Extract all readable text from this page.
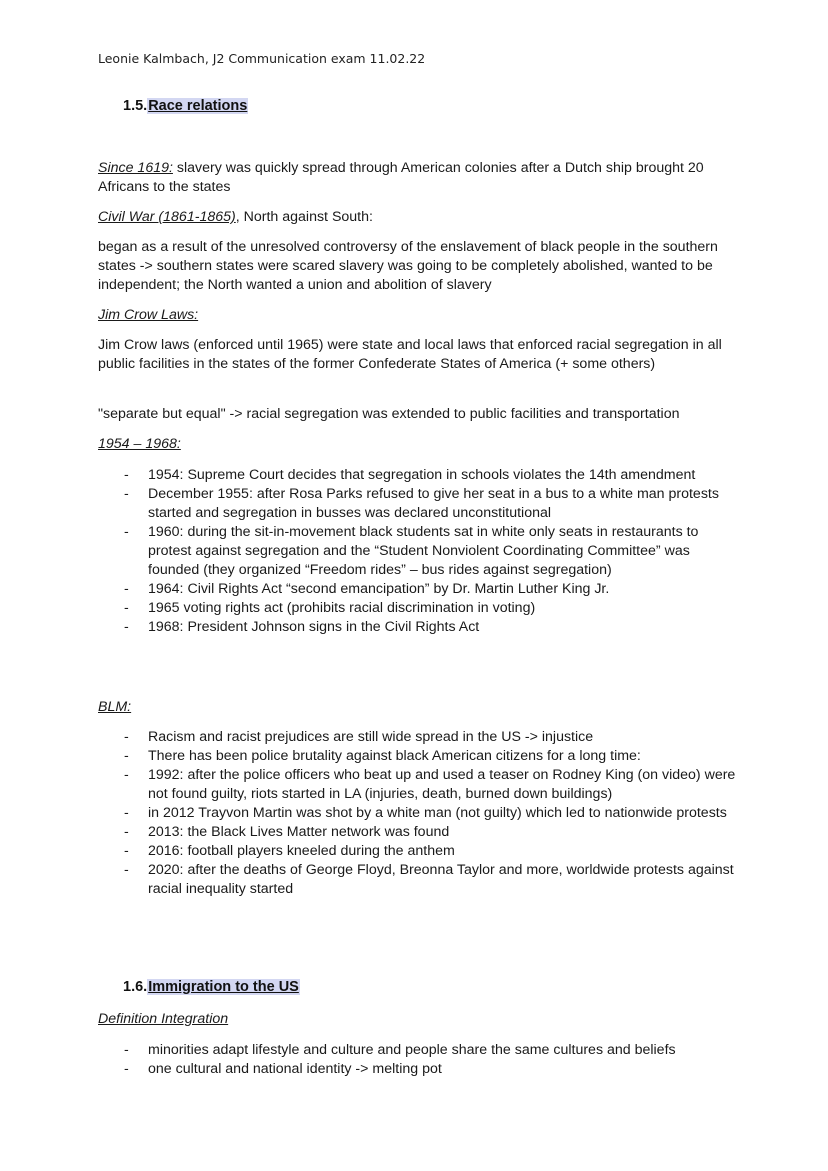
Leonie Kalmbach, J2 Communication exam 11.02.22
1.5.Race relations
Since 1619: slavery was quickly spread through American colonies after a Dutch ship brought 20 Africans to the states
Civil War (1861-1865), North against South:
began as a result of the unresolved controversy of the enslavement of black people in the southern states -> southern states were scared slavery was going to be completely abolished, wanted to be independent; the North wanted a union and abolition of slavery
Jim Crow Laws:
Jim Crow laws (enforced until 1965) were state and local laws that enforced racial segregation in all public facilities in the states of the former Confederate States of America (+ some others)
"separate but equal" -> racial segregation was extended to public facilities and transportation
1954 – 1968:
- 1954: Supreme Court decides that segregation in schools violates the 14th amendment
- December 1955: after Rosa Parks refused to give her seat in a bus to a white man protests started and segregation in busses was declared unconstitutional
- 1960: during the sit-in-movement black students sat in white only seats in restaurants to protest against segregation and the “Student Nonviolent Coordinating Committee” was founded (they organized “Freedom rides” – bus rides against segregation)
- 1964: Civil Rights Act “second emancipation” by Dr. Martin Luther King Jr.
- 1965 voting rights act (prohibits racial discrimination in voting)
- 1968: President Johnson signs in the Civil Rights Act
BLM:
- Racism and racist prejudices are still wide spread in the US -> injustice
- There has been police brutality against black American citizens for a long time:
- 1992: after the police officers who beat up and used a teaser on Rodney King (on video) were not found guilty, riots started in LA (injuries, death, burned down buildings)
- in 2012 Trayvon Martin was shot by a white man (not guilty) which led to nationwide protests
- 2013: the Black Lives Matter network was found
- 2016: football players kneeled during the anthem
- 2020: after the deaths of George Floyd, Breonna Taylor and more, worldwide protests against racial inequality started
1.6.Immigration to the US
Definition Integration
- minorities adapt lifestyle and culture and people share the same cultures and beliefs
- one cultural and national identity -> melting pot
